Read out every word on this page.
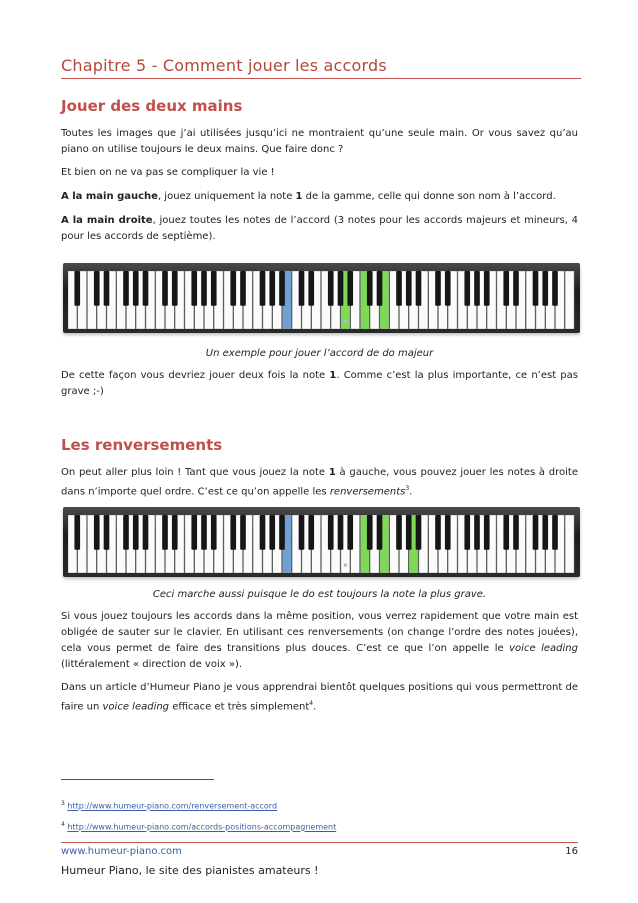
Chapitre 5 - Comment jouer les accords
Jouer des deux mains
Toutes les images que j’ai utilisées jusqu’ici ne montraient qu’une seule main. Or vous savez qu’au piano on utilise toujours le deux mains. Que faire donc ?
Et bien on ne va pas se compliquer la vie !
A la main gauche, jouez uniquement la note 1 de la gamme, celle qui donne son nom à l’accord.
A la main droite, jouez toutes les notes de l’accord (3 notes pour les accords majeurs et mineurs, 4 pour les accords de septième).
Un exemple pour jouer l’accord de do majeur
De cette façon vous devriez jouer deux fois la note 1. Comme c’est la plus importante, ce n’est pas grave ;-)
Les renversements
On peut aller plus loin ! Tant que vous jouez la note 1 à gauche, vous pouvez jouer les notes à droite dans n’importe quel ordre. C’est ce qu’on appelle les renversements$^3$.
Ceci marche aussi puisque le do est toujours la note la plus grave.
Si vous jouez toujours les accords dans la même position, vous verrez rapidement que votre main est obligée de sauter sur le clavier. En utilisant ces renversements (on change l’ordre des notes jouées), cela vous permet de faire des transitions plus douces. C’est ce que l’on appelle le voice leading (littéralement « direction de voix »).
Dans un article d’Humeur Piano je vous apprendrai bientôt quelques positions qui vous permettront de faire un voice leading efficace et très simplement$^4$.
$^3$ http://www.humeur-piano.com/renversement-accord
$^4$ http://www.humeur-piano.com/accords-positions-accompagnement
www.humeur-piano.com	16
Humeur Piano, le site des pianistes amateurs !
